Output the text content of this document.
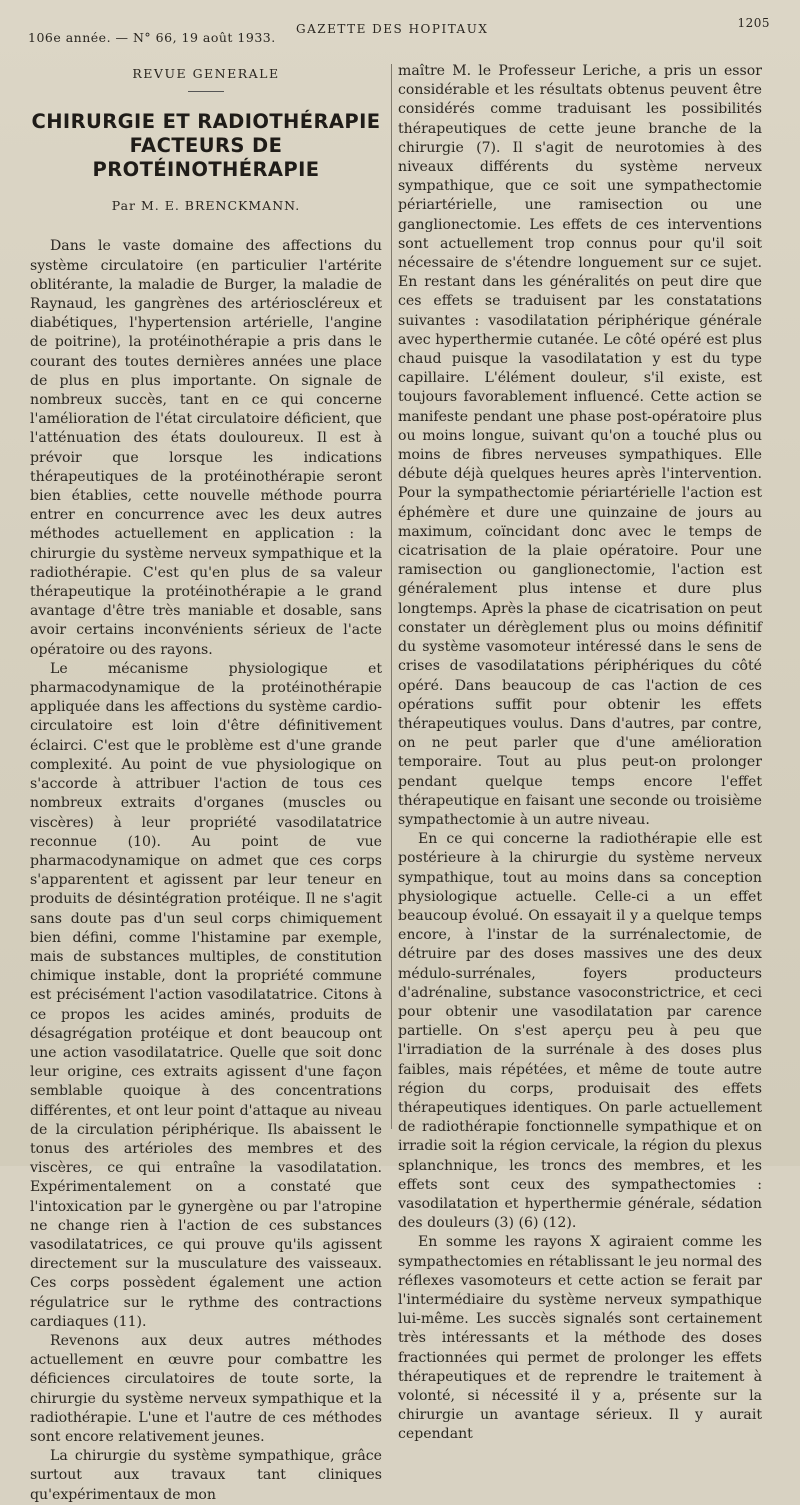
106e année. — N° 66, 19 août 1933.
GAZETTE DES HOPITAUX	1205
REVUE GENERALE
CHIRURGIE ET RADIOTHÉRAPIE
FACTEURS DE PROTÉINOTHÉRAPIE
Par M. E. BRENCKMANN.

Dans le vaste domaine des affections du système circulatoire (en particulier l'artérite oblitérante, la maladie de Burger, la maladie de Raynaud, les gangrènes des artérioscléreux et diabétiques, l'hypertension artérielle, l'angine de poitrine), la protéinothérapie a pris dans le courant des toutes dernières années une place de plus en plus importante. On signale de nombreux succès, tant en ce qui concerne l'amélioration de l'état circulatoire déficient, que l'atténuation des états douloureux. Il est à prévoir que lorsque les indications thérapeutiques de la protéinothérapie seront bien établies, cette nouvelle méthode pourra entrer en concurrence avec les deux autres méthodes actuellement en application : la chirurgie du système nerveux sympathique et la radiothérapie. C'est qu'en plus de sa valeur thérapeutique la protéinothérapie a le grand avantage d'être très maniable et dosable, sans avoir certains inconvénients sérieux de l'acte opératoire ou des rayons.

Le mécanisme physiologique et pharmacodynamique de la protéinothérapie appliquée dans les affections du système cardio-circulatoire est loin d'être définitivement éclairci. C'est que le problème est d'une grande complexité. Au point de vue physiologique on s'accorde à attribuer l'action de tous ces nombreux extraits d'organes (muscles ou viscères) à leur propriété vasodilatatrice reconnue (10). Au point de vue pharmacodynamique on admet que ces corps s'apparentent et agissent par leur teneur en produits de désintégration protéique. Il ne s'agit sans doute pas d'un seul corps chimiquement bien défini, comme l'histamine par exemple, mais de substances multiples, de constitution chimique instable, dont la propriété commune est précisément l'action vasodilatatrice. Citons à ce propos les acides aminés, produits de désagrégation protéique et dont beaucoup ont une action vasodilatatrice. Quelle que soit donc leur origine, ces extraits agissent d'une façon semblable quoique à des concentrations différentes, et ont leur point d'attaque au niveau de la circulation périphérique. Ils abaissent le tonus des artérioles des membres et des viscères, ce qui entraîne la vasodilatation. Expérimentalement on a constaté que l'intoxication par le gynergène ou par l'atropine ne change rien à l'action de ces substances vasodilatatrices, ce qui prouve qu'ils agissent directement sur la musculature des vaisseaux. Ces corps possèdent également une action régulatrice sur le rythme des contractions cardiaques (11).

Revenons aux deux autres méthodes actuellement en œuvre pour combattre les déficiences circulatoires de toute sorte, la chirurgie du système nerveux sympathique et la radiothérapie. L'une et l'autre de ces méthodes sont encore relativement jeunes.

La chirurgie du système sympathique, grâce surtout aux travaux tant cliniques qu'expérimentaux de mon

maître M. le Professeur Leriche, a pris un essor considérable et les résultats obtenus peuvent être considérés comme traduisant les possibilités thérapeutiques de cette jeune branche de la chirurgie (7). Il s'agit de neurotomies à des niveaux différents du système nerveux sympathique, que ce soit une sympathectomie périartérielle, une ramisection ou une ganglionectomie. Les effets de ces interventions sont actuellement trop connus pour qu'il soit nécessaire de s'étendre longuement sur ce sujet. En restant dans les généralités on peut dire que ces effets se traduisent par les constatations suivantes : vasodilatation périphérique générale avec hyperthermie cutanée. Le côté opéré est plus chaud puisque la vasodilatation y est du type capillaire. L'élément douleur, s'il existe, est toujours favorablement influencé. Cette action se manifeste pendant une phase post-opératoire plus ou moins longue, suivant qu'on a touché plus ou moins de fibres nerveuses sympathiques. Elle débute déjà quelques heures après l'intervention. Pour la sympathectomie périartérielle l'action est éphémère et dure une quinzaine de jours au maximum, coïncidant donc avec le temps de cicatrisation de la plaie opératoire. Pour une ramisection ou ganglionectomie, l'action est généralement plus intense et dure plus longtemps. Après la phase de cicatrisation on peut constater un dérèglement plus ou moins définitif du système vasomoteur intéressé dans le sens de crises de vasodilatations périphériques du côté opéré. Dans beaucoup de cas l'action de ces opérations suffit pour obtenir les effets thérapeutiques voulus. Dans d'autres, par contre, on ne peut parler que d'une amélioration temporaire. Tout au plus peut-on prolonger pendant quelque temps encore l'effet thérapeutique en faisant une seconde ou troisième sympathectomie à un autre niveau.

En ce qui concerne la radiothérapie elle est postérieure à la chirurgie du système nerveux sympathique, tout au moins dans sa conception physiologique actuelle. Celle-ci a un effet beaucoup évolué. On essayait il y a quelque temps encore, à l'instar de la surrénalectomie, de détruire par des doses massives une des deux médulo-surrénales, foyers producteurs d'adrénaline, substance vasoconstrictrice, et ceci pour obtenir une vasodilatation par carence partielle. On s'est aperçu peu à peu que l'irradiation de la surrénale à des doses plus faibles, mais répétées, et même de toute autre région du corps, produisait des effets thérapeutiques identiques. On parle actuellement de radiothérapie fonctionnelle sympathique et on irradie soit la région cervicale, la région du plexus splanchnique, les troncs des membres, et les effets sont ceux des sympathectomies : vasodilatation et hyperthermie générale, sédation des douleurs (3) (6) (12).

En somme les rayons X agiraient comme les sympathectomies en rétablissant le jeu normal des réflexes vasomoteurs et cette action se ferait par l'intermédiaire du système nerveux sympathique lui-même. Les succès signalés sont certainement très intéressants et la méthode des doses fractionnées qui permet de prolonger les effets thérapeutiques et de reprendre le traitement à volonté, si nécessité il y a, présente sur la chirurgie un avantage sérieux. Il y aurait cependant
